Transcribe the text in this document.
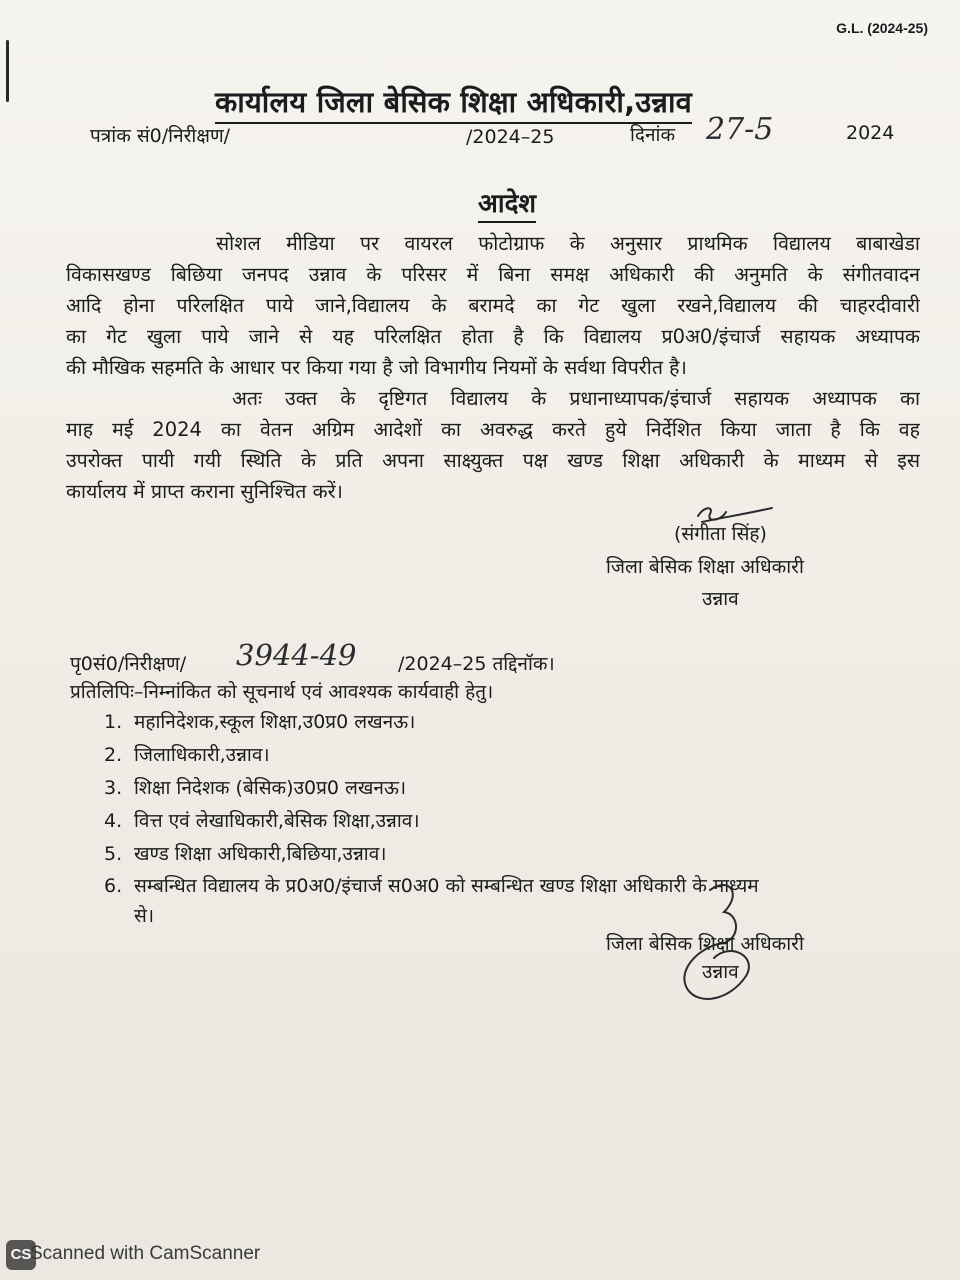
G.L. (2024-25)
कार्यालय जिला बेसिक शिक्षा अधिकारी,उन्नाव
पत्रांक सं0/निरीक्षण/	/2024–25	दिनांक 27-5	2024
आदेश
सोशल मीडिया पर वायरल फोटोग्राफ के अनुसार प्राथमिक विद्यालय बाबाखेडा
विकासखण्ड बिछिया जनपद उन्नाव के परिसर में बिना समक्ष अधिकारी की अनुमति के संगीतवादन
आदि होना परिलक्षित पाये जाने,विद्यालय के बरामदे का गेट खुला रखने,विद्यालय की चाहरदीवारी
का गेट खुला पाये जाने से यह परिलक्षित होता है कि विद्यालय प्र0अ0/इंचार्ज सहायक अध्यापक
की मौखिक सहमति के आधार पर किया गया है जो विभागीय नियमों के सर्वथा विपरीत है।
अतः उक्त के दृष्टिगत विद्यालय के प्रधानाध्यापक/इंचार्ज सहायक अध्यापक का
माह मई 2024 का वेतन अग्रिम आदेशों का अवरुद्ध करते हुये निर्देशित किया जाता है कि वह
उपरोक्त पायी गयी स्थिति के प्रति अपना साक्ष्युक्त पक्ष खण्ड शिक्षा अधिकारी के माध्यम से इस
कार्यालय में प्राप्त कराना सुनिश्चित करें।
(संगीता सिंह)
जिला बेसिक शिक्षा अधिकारी
उन्नाव
पृ0सं0/निरीक्षण/ 3944-49 /2024–25 तद्दिनॉक।
प्रतिलिपिः–निम्नांकित को सूचनार्थ एवं आवश्यक कार्यवाही हेतु।
1. महानिदेशक,स्कूल शिक्षा,उ0प्र0 लखनऊ।
2. जिलाधिकारी,उन्नाव।
3. शिक्षा निदेशक (बेसिक)उ0प्र0 लखनऊ।
4. वित्त एवं लेखाधिकारी,बेसिक शिक्षा,उन्नाव।
5. खण्ड शिक्षा अधिकारी,बिछिया,उन्नाव।
6. सम्बन्धित विद्यालय के प्र0अ0/इंचार्ज स0अ0 को सम्बन्धित खण्ड शिक्षा अधिकारी के माध्यम
से।
जिला बेसिक शिक्षा अधिकारी
उन्नाव
CS
Scanned with CamScanner
